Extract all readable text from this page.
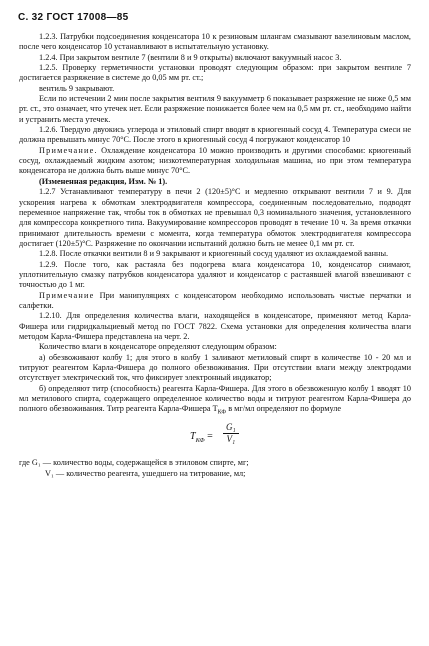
С. 32 ГОСТ 17008—85

1.2.3. Патрубки подсоединения конденсатора 10 к резиновым шлангам смазывают вазелиновым маслом, после чего конденсатор 10 устанавливают в испытательную установку.

1.2.4. При закрытом вентиле 7 (вентили 8 и 9 открыты) включают вакуумный насос 3.

1.2.5. Проверку герметичности установки проводят следующим образом: при закрытом вентиле 7 достигается разряжение в системе до 0,05 мм рт. ст.;

вентиль 9 закрывают.

Если по истечении 2 мин после закрытия вентиля 9 вакуумметр 6 показывает разряжение не ниже 0,5 мм рт. ст., это означает, что утечек нет. Если разряжение понижается более чем на 0,5 мм рт. ст., необходимо найти и устранить места утечек.

1.2.6. Твердую двуокись углерода и этиловый спирт вводят в криогенный сосуд 4. Температура смеси не должна превышать минус 70°С. После этого в криогенный сосуд 4 погружают конденсатор 10

Примечание. Охлаждение конденсатора 10 можно производить и другими способами: криогенный сосуд, охлаждаемый жидким азотом; низкотемпературная холодильная машина, но при этом температура конденсатора не должна быть выше минус 70°С.

(Измененная редакция, Изм. № 1).

1.2.7 Устанавливают температуру в печи 2 (120±5)°С и медленно открывают вентили 7 и 9. Для ускорения нагрева к обмоткам электродвигателя компрессора, соединенным последовательно, подводят переменное напряжение так, чтобы ток в обмотках не превышал 0,3 номинального значения, установленного для компрессора конкретного типа. Вакуумирование компрессоров проводят в течение 10 ч. За время откачки принимают длительность времени с момента, когда температура обмоток электродвигателя компрессора достигает (120±5)°С. Разряжение по окончании испытаний должно быть не менее 0,1 мм рт. ст.

1.2.8. После откачки вентили 8 и 9 закрывают и криогенный сосуд удаляют из охлаждаемой ванны.

1.2.9. После того, как растаяла без подогрева влага конденсатора 10, конденсатор снимают, уплотнительную смазку патрубков конденсатора удаляют и конденсатор с растаявшей влагой взвешивают с точностью до 1 мг.

Примечание При манипуляциях с конденсатором необходимо использовать чистые перчатки и салфетки.

1.2.10. Для определения количества влаги, находящейся в конденсаторе, применяют метод Карла-Фишера или гидридкальциевый метод по ГОСТ 7822. Схема установки для определения количества влаги методом Карла-Фишера представлена на черт. 2.

Количество влаги в конденсаторе определяют следующим образом:

а) обезвоживают колбу 1; для этого в колбу 1 заливают метиловый спирт в количестве 10 - 20 мл и титруют реагентом Карла-Фишера до полного обезвоживания. При отсутствии влаги между электродами отсутствует электрический ток, что фиксирует электронный индикатор;

б) определяют титр (способность) реагента Карла-Фишера. Для этого в обезвоженную колбу 1 вводят 10 мл метилового спирта, содержащего определенное количество воды и титруют реагентом Карла-Фишера до полного обезвоживания. Титр реагента Карла-Фишера $T_{КФ}$ в мг/мл определяют по формуле

$T_{КФ} = \frac{\text{G₁}}{\text{V₁}}$

где G₁ — количество воды, содержащейся в этиловом спирте, мг;

V₁ — количество реагента, ушедшего на титрование, мл;
